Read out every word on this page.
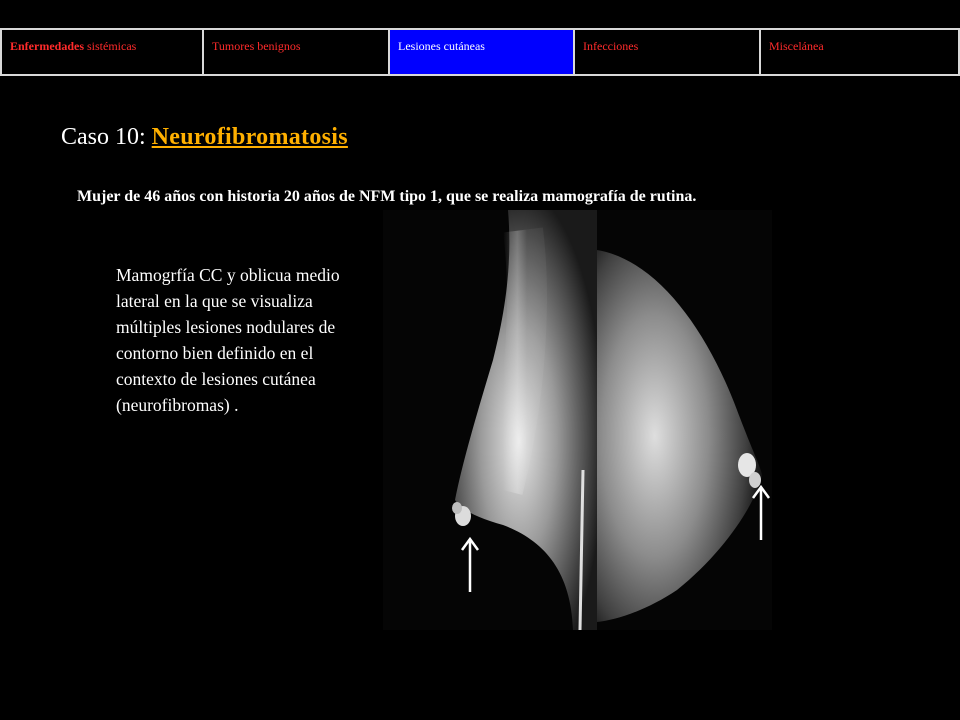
Enfermedades sistémicas	Tumores benignos	Lesiones cutáneas	Infecciones	Miscelánea
Caso 10: Neurofibromatosis
Mujer de 46 años con historia 20 años de NFM tipo 1, que se realiza mamografía de rutina.
Mamogrfía CC y oblicua medio
lateral en la que se visualiza
múltiples lesiones nodulares de
contorno bien definido en el
contexto de lesiones cutánea
(neurofibromas) .
